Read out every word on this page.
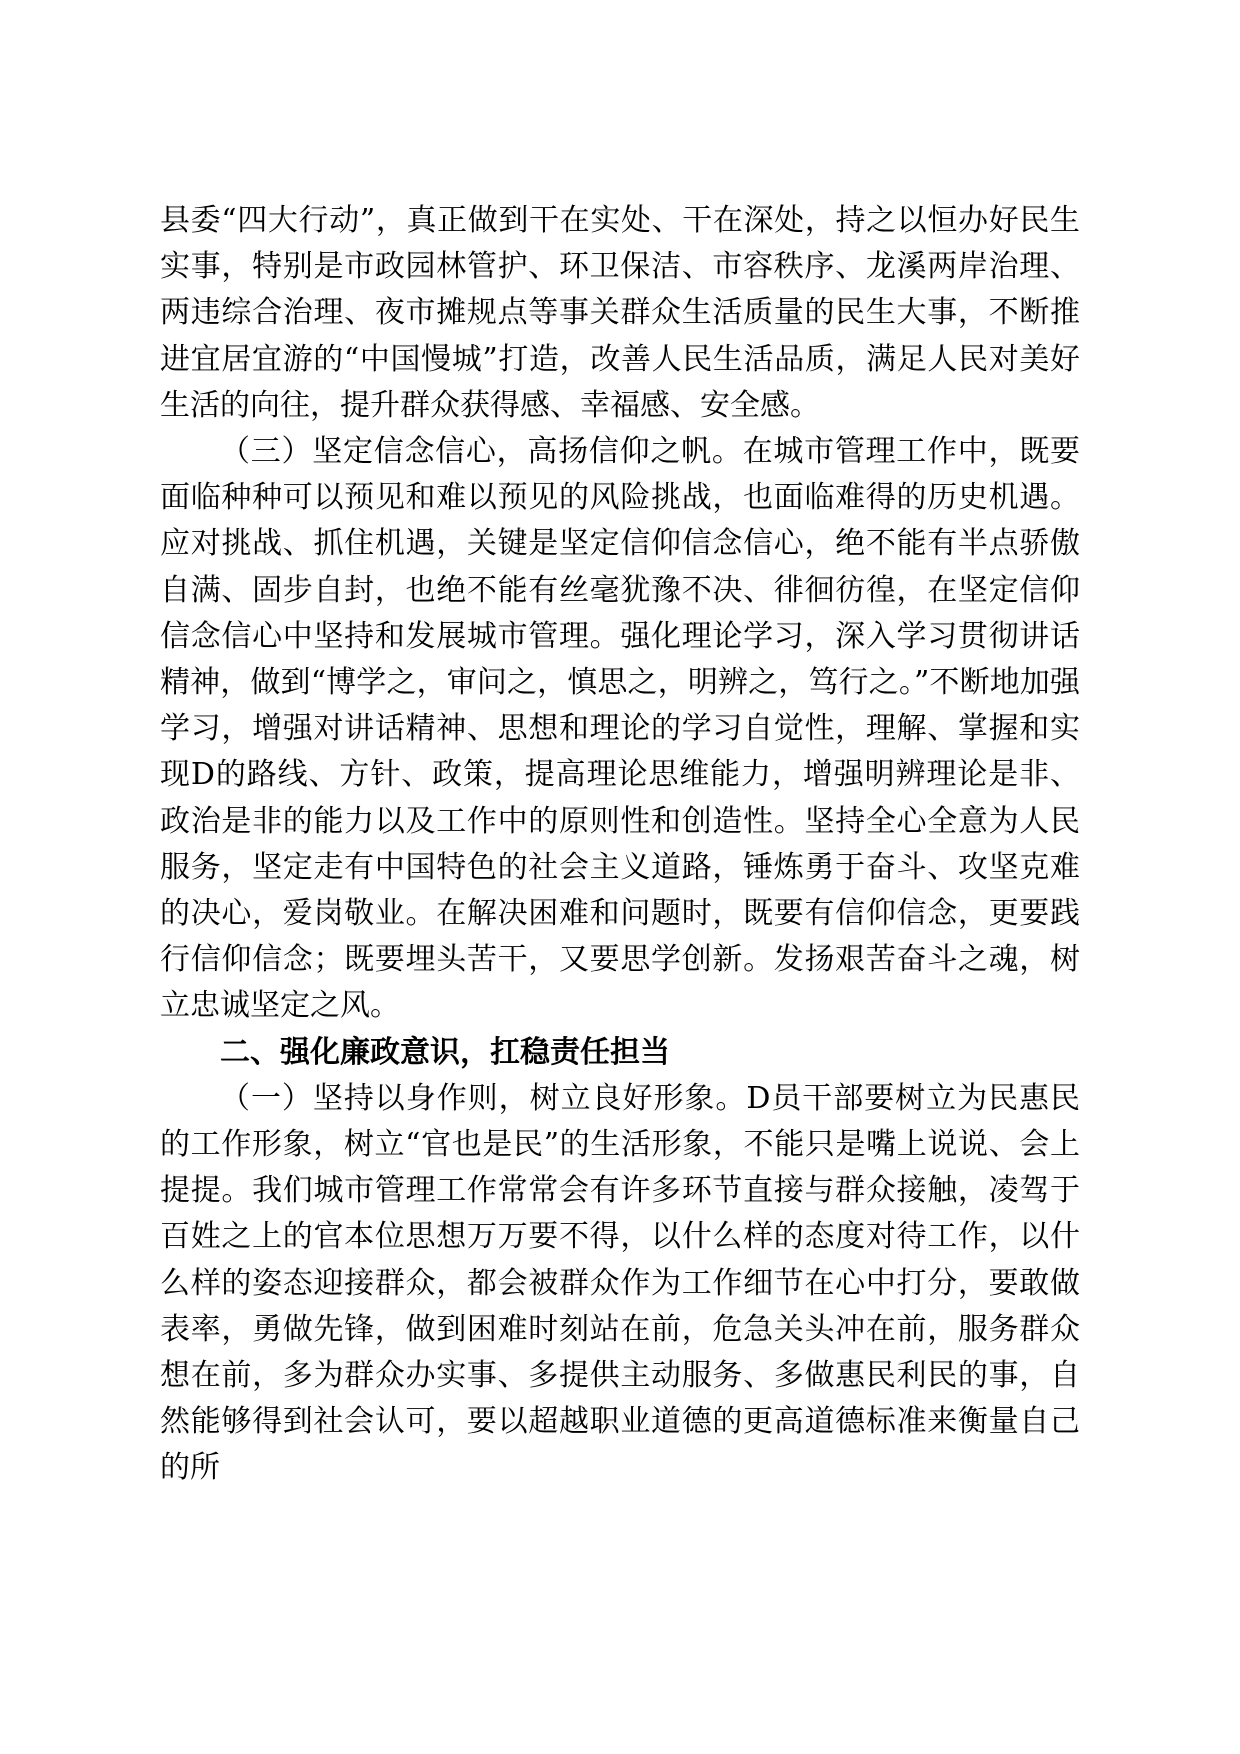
县委“四大行动”，真正做到干在实处、干在深处，持之以恒办好民生实事，特别是市政园林管护、环卫保洁、市容秩序、龙溪两岸治理、两违综合治理、夜市摊规点等事关群众生活质量的民生大事，不断推进宜居宜游的“中国慢城”打造，改善人民生活品质，满足人民对美好生活的向往，提升群众获得感、幸福感、安全感。

（三）坚定信念信心，高扬信仰之帆。在城市管理工作中，既要面临种种可以预见和难以预见的风险挑战，也面临难得的历史机遇。应对挑战、抓住机遇，关键是坚定信仰信念信心，绝不能有半点骄傲自满、固步自封，也绝不能有丝毫犹豫不决、徘徊彷徨，在坚定信仰信念信心中坚持和发展城市管理。强化理论学习，深入学习贯彻讲话精神，做到“博学之，审问之，慎思之，明辨之，笃行之。”不断地加强学习，增强对讲话精神、思想和理论的学习自觉性，理解、掌握和实现D的路线、方针、政策，提高理论思维能力，增强明辨理论是非、政治是非的能力以及工作中的原则性和创造性。坚持全心全意为人民服务，坚定走有中国特色的社会主义道路，锤炼勇于奋斗、攻坚克难的决心，爱岗敬业。在解决困难和问题时，既要有信仰信念，更要践行信仰信念；既要埋头苦干，又要思学创新。发扬艰苦奋斗之魂，树立忠诚坚定之风。

二、强化廉政意识，扛稳责任担当

（一）坚持以身作则，树立良好形象。D员干部要树立为民惠民的工作形象，树立“官也是民”的生活形象，不能只是嘴上说说、会上提提。我们城市管理工作常常会有许多环节直接与群众接触，凌驾于百姓之上的官本位思想万万要不得，以什么样的态度对待工作，以什么样的姿态迎接群众，都会被群众作为工作细节在心中打分，要敢做表率，勇做先锋，做到困难时刻站在前，危急关头冲在前，服务群众想在前，多为群众办实事、多提供主动服务、多做惠民利民的事，自然能够得到社会认可，要以超越职业道德的更高道德标准来衡量自己的所
